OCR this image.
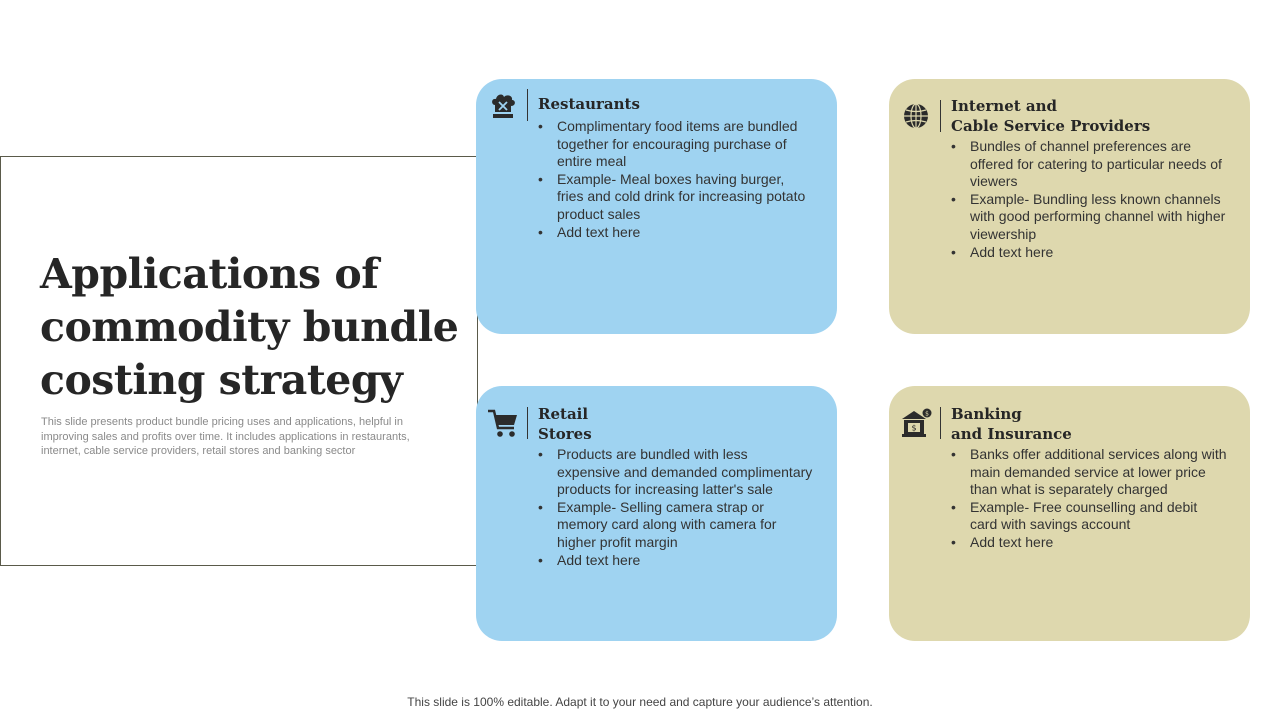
Applications of commodity bundle costing strategy

This slide presents product bundle pricing uses and applications, helpful in improving sales and profits over time. It includes applications in restaurants, internet, cable service providers, retail stores and banking sector

Restaurants
• Complimentary food items are bundled together for encouraging purchase of entire meal
• Example- Meal boxes having burger, fries and cold drink for increasing potato product sales
• Add text here
Internet and
Cable Service Providers
• Bundles of channel preferences are offered for catering to particular needs of viewers
• Example- Bundling less known channels with good performing channel with higher viewership
• Add text here
Retail
Stores
• Products are bundled with less expensive and demanded complimentary products for increasing latter's sale
• Example- Selling camera strap or memory card along with camera for higher profit margin
• Add text here
$
$ Banking
and Insurance
• Banks offer additional services along with main demanded service at lower price than what is separately charged
• Example- Free counselling and debit card with savings account
• Add text here

This slide is 100% editable. Adapt it to your need and capture your audience’s attention.
